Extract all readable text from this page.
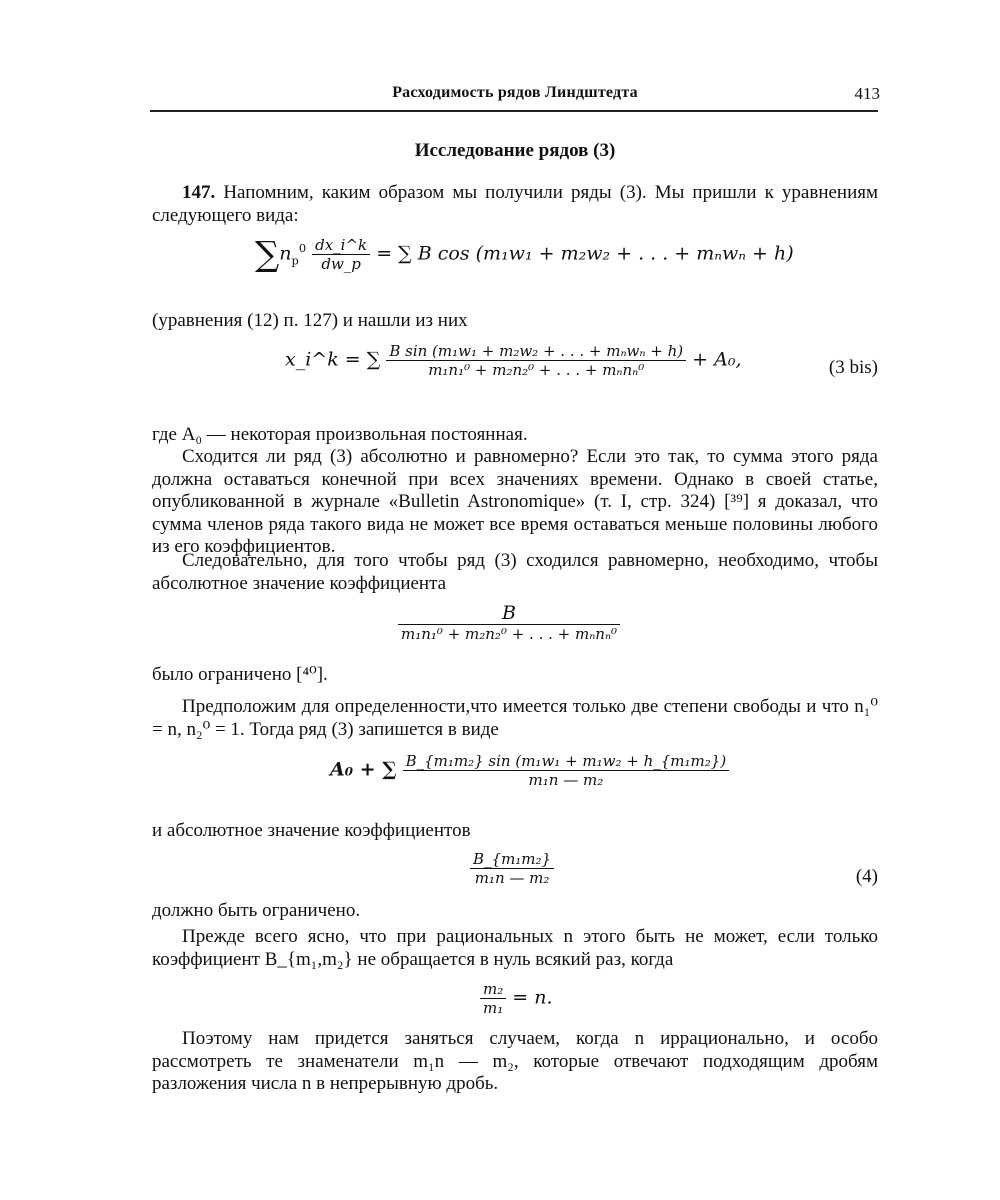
Расходимость рядов Линдштедта	413
Исследование рядов (3)
147. Напомним, каким образом мы получили ряды (3). Мы пришли к уравнениям следующего вида:
$\sum n_p^0 \frac{dx\_i\^{}k}{dw\_p}$ = ∑ B cos (m₁w₁ + m₂w₂ + . . . + mₙwₙ + h)
(уравнения (12) п. 127) и нашли из них
x_i^k = ∑ $\frac{\text{B sin (m₁w₁ + m₂w₂ + . . . + mₙwₙ + h)}}{\text{m₁n₁⁰ + m₂n₂⁰ + . . . + mₙnₙ⁰}} + A_0$,	(3 bis)
где A₀ — некоторая произвольная постоянная.
Сходится ли ряд (3) абсолютно и равномерно? Если это так, то сумма этого ряда должна оставаться конечной при всех значениях времени. Однако в своей статье, опубликованной в журнале «Bulletin Astronomique» (т. I, стр. 324) [³⁹] я доказал, что сумма членов ряда такого вида не может все время оставаться меньше половины любого из его коэффициентов.
Следовательно, для того чтобы ряд (3) сходился равномерно, необходимо, чтобы абсолютное значение коэффициента
$\frac{B}{\text{m₁n₁⁰ + m₂n₂⁰ + . . . + mₙnₙ⁰}}$
было ограничено [⁴⁰].
Предположим для определенности,что имеется только две степени свободы и что n₁⁰ = n, n₂⁰ = 1. Тогда ряд (3) запишется в виде
A₀ + ∑ $\frac{\text{B\_\{m₁m₂\} sin (m₁w₁ + m₁w₂ + h\_\{m₁m₂\})}}{\text{m₁n — m₂}}$
и абсолютное значение коэффициентов
$\frac{\text{B\_\{m₁m₂\}}}{\text{m₁n — m₂}}$	(4)
должно быть ограничено.
Прежде всего ясно, что при рациональных n этого быть не может, если только коэффициент B_{m₁,m₂} не обращается в нуль всякий раз, когда
$\frac{\text{m₂}}{\text{m₁}} = n$.
Поэтому нам придется заняться случаем, когда n иррационально, и особо рассмотреть те знаменатели m₁n — m₂, которые отвечают подходящим дробям разложения числа n в непрерывную дробь.
